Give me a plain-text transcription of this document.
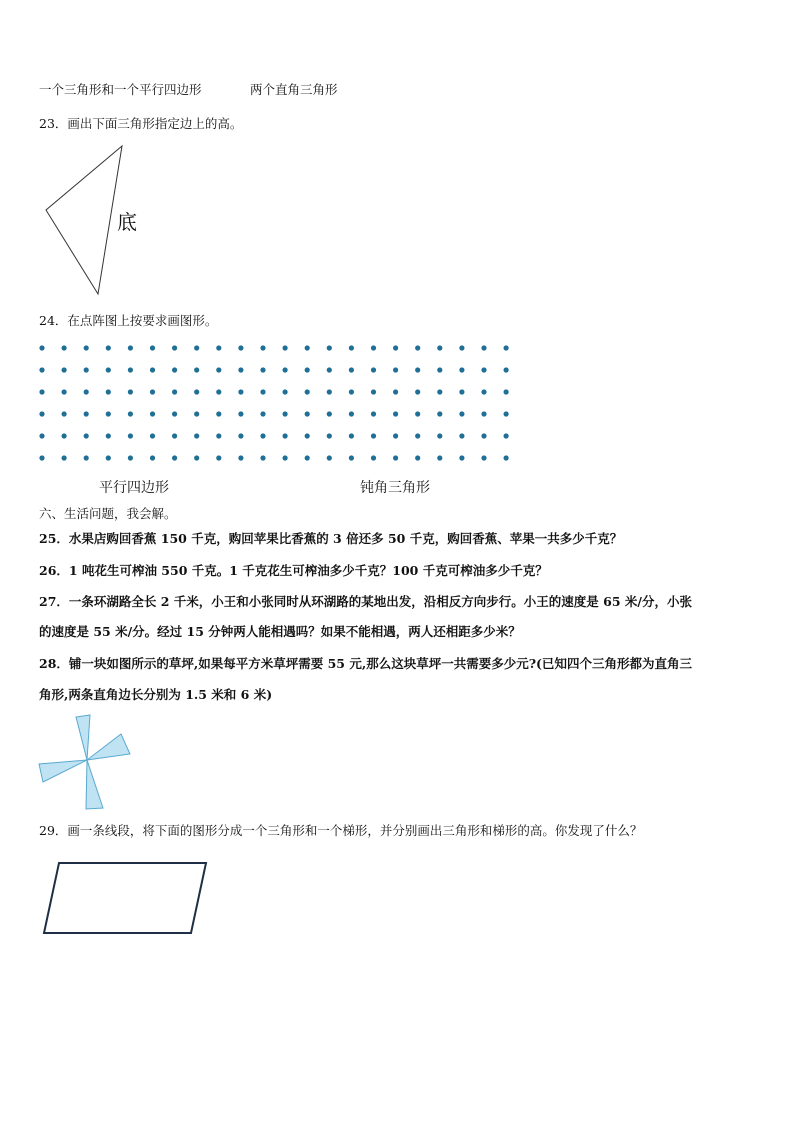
一个三角形和一个平行四边形	两个直角三角形
23．画出下面三角形指定边上的高。
底
24．在点阵图上按要求画图形。
平行四边形	钝角三角形
六、生活问题，我会解。
25．水果店购回香蕉 150 千克，购回苹果比香蕉的 3 倍还多 50 千克，购回香蕉、苹果一共多少千克？
26．1 吨花生可榨油 550 千克。1 千克花生可榨油多少千克？100 千克可榨油多少千克？
27．一条环湖路全长 2 千米，小王和小张同时从环湖路的某地出发，沿相反方向步行。小王的速度是 65 米/分，小张
的速度是 55 米/分。经过 15 分钟两人能相遇吗？如果不能相遇，两人还相距多少米？
28．铺一块如图所示的草坪,如果每平方米草坪需要 55 元,那么这块草坪一共需要多少元?(已知四个三角形都为直角三
角形,两条直角边长分别为 1.5 米和 6 米)
29．画一条线段，将下面的图形分成一个三角形和一个梯形，并分别画出三角形和梯形的高。你发现了什么？
